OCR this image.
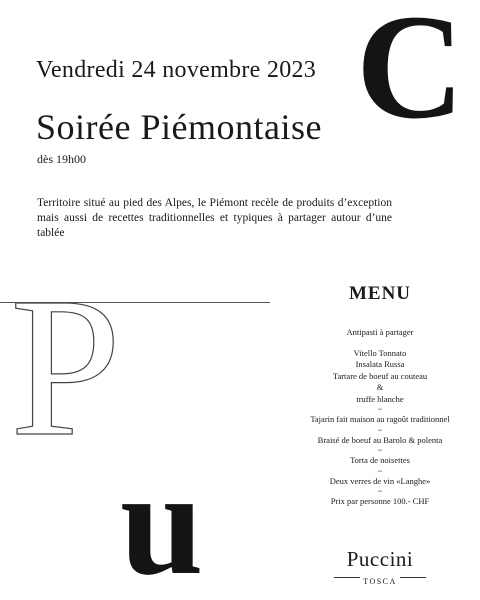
C
Vendredi 24 novembre 2023
Soirée Piémontaise
dès 19h00
Territoire situé au pied des Alpes, le Piémont recèle de produits d’exception mais aussi de recettes traditionnelles et typiques à partager autour d’une tablée
P
u
MENU
Antipasti à partager
Vitello Tonnato
Insalata Russa
Tartare de boeuf au couteau
&
truffe blanche
~
Tajarin fait maison au ragoût traditionnel
~
Braisé de boeuf au Barolo & polenta
~
Torta de noisettes
~
Deux verres de vin «Langhe»
~
Prix par personne 100.- CHF
Puccini
TOSCA
